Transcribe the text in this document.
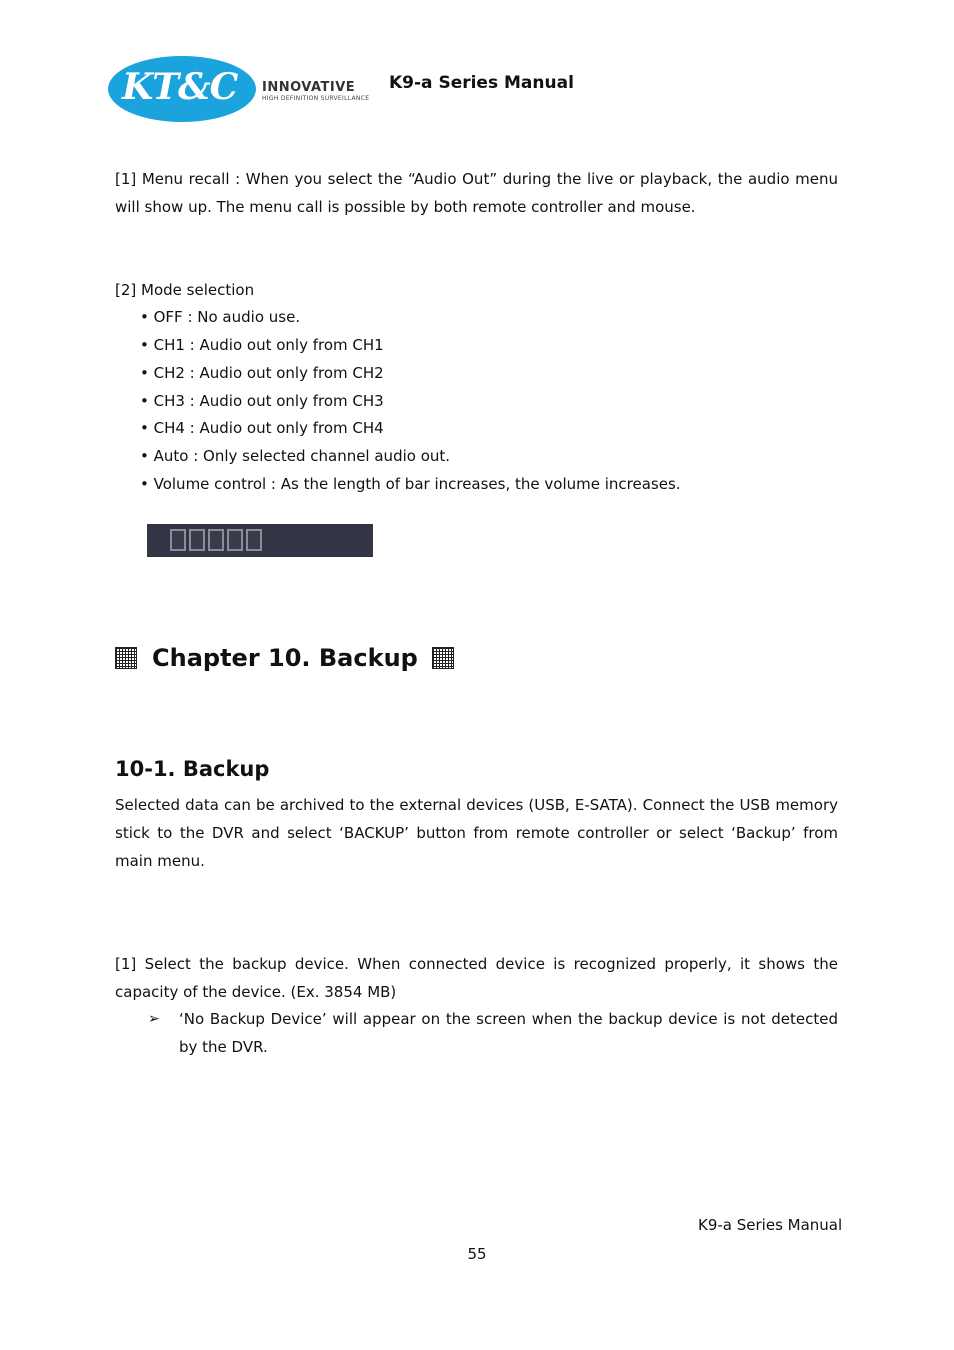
KT&C INNOVATIVE
HIGH DEFINITION SURVEILLANCE
K9-a Series Manual
[1] Menu recall : When you select the “Audio Out” during the live or playback, the audio menu will show up. The menu call is possible by both remote controller and mouse.
[2] Mode selection
• OFF : No audio use.
• CH1 : Audio out only from CH1
• CH2 : Audio out only from CH2
• CH3 : Audio out only from CH3
• CH4 : Audio out only from CH4
• Auto : Only selected channel audio out.
• Volume control : As the length of bar increases, the volume increases.
Chapter 10. Backup
10-1. Backup
Selected data can be archived to the external devices (USB, E-SATA). Connect the USB memory stick to the DVR and select ‘BACKUP’ button from remote controller or select ‘Backup’ from main menu.
[1] Select the backup device. When connected device is recognized properly, it shows the capacity of the device. (Ex. 3854 MB)
➢ ‘No Backup Device’ will appear on the screen when the backup device is not detected by the DVR.
K9-a Series Manual
55
